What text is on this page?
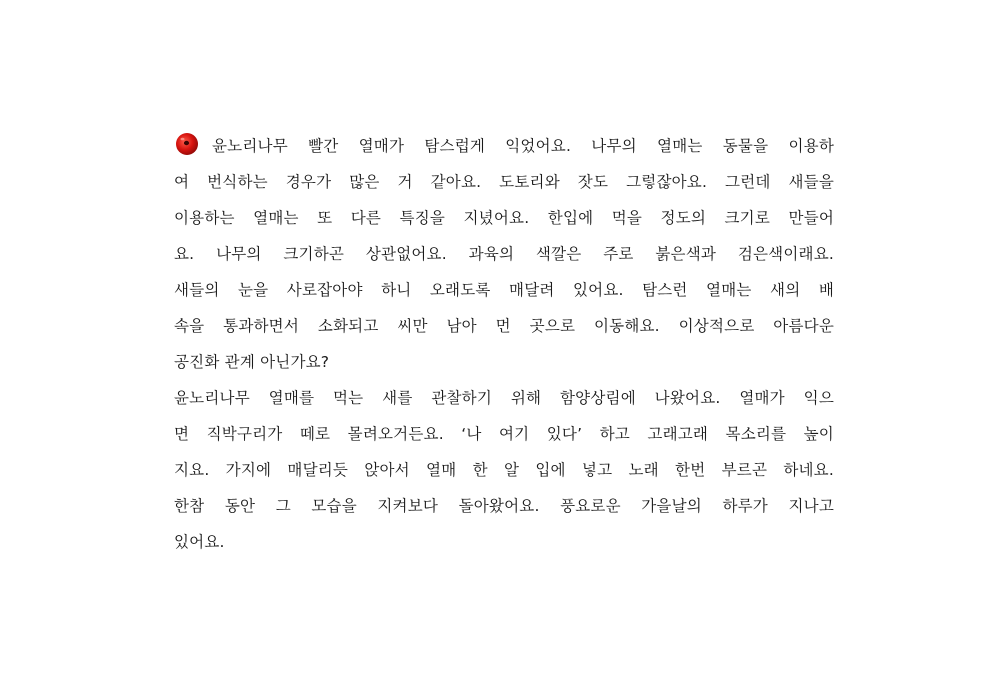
윤노리나무 빨간 열매가 탐스럽게 익었어요. 나무의 열매는 동물을 이용하
여 번식하는 경우가 많은 거 같아요. 도토리와 잣도 그렇잖아요. 그런데 새들을
이용하는 열매는 또 다른 특징을 지녔어요. 한입에 먹을 정도의 크기로 만들어
요. 나무의 크기하곤 상관없어요. 과육의 색깔은 주로 붉은색과 검은색이래요.
새들의 눈을 사로잡아야 하니 오래도록 매달려 있어요. 탐스런 열매는 새의 배
속을 통과하면서 소화되고 씨만 남아 먼 곳으로 이동해요. 이상적으로 아름다운
공진화 관계 아닌가요?
윤노리나무 열매를 먹는 새를 관찰하기 위해 함양상림에 나왔어요. 열매가 익으
면 직박구리가 떼로 몰려오거든요. ‘나 여기 있다’ 하고 고래고래 목소리를 높이
지요. 가지에 매달리듯 앉아서 열매 한 알 입에 넣고 노래 한번 부르곤 하네요.
한참 동안 그 모습을 지켜보다 돌아왔어요. 풍요로운 가을날의 하루가 지나고
있어요.
